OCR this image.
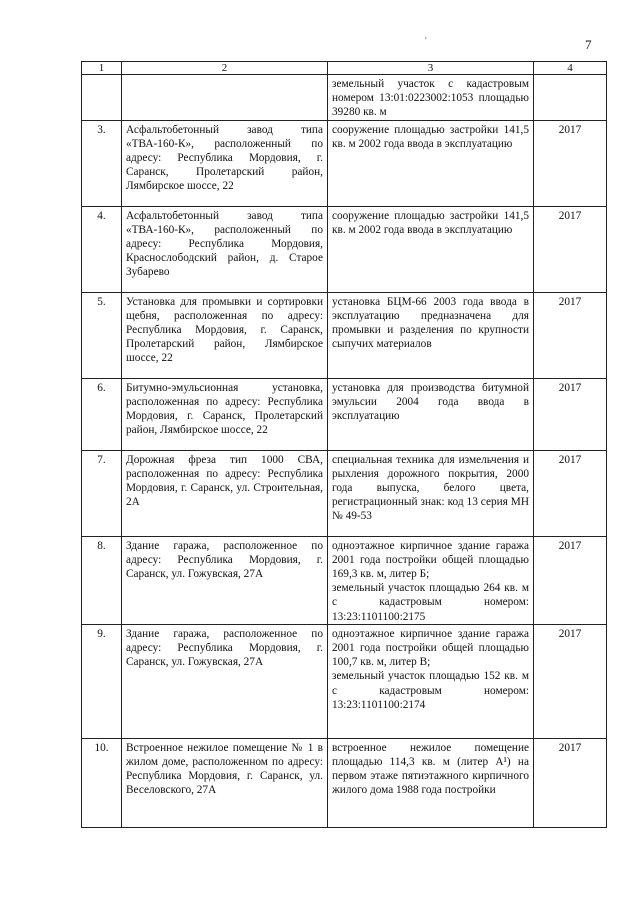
7
'
1	2	3	4

		земельный участок с кадастровым номером 13:01:0223002:1053 площадью 39280 кв. м	

3.	Асфальтобетонный завод типа «ТВА-160-К», расположенный по адресу: Республика Мордовия, г. Саранск, Пролетарский район, Лямбирское шоссе, 22	сооружение площадью застройки 141,5 кв. м 2002 года ввода в эксплуатацию	2017
4.	Асфальтобетонный завод типа «ТВА-160-К», расположенный по адресу: Республика Мордовия, Краснослободский район, д. Старое Зубарево	сооружение площадью застройки 141,5 кв. м 2002 года ввода в эксплуатацию	2017
5.	Установка для промывки и сортировки щебня, расположенная по адресу: Республика Мордовия, г. Саранск, Пролетарский район, Лямбирское шоссе, 22	установка БЦМ-66 2003 года ввода в эксплуатацию предназначена для промывки и разделения по крупности сыпучих материалов	2017
6.	Битумно-эмульсионная установка, расположенная по адресу: Республика Мордовия, г. Саранск, Пролетарский район, Лямбирское шоссе, 22	установка для производства битумной эмульсии 2004 года ввода в эксплуатацию	2017
7.	Дорожная фреза тип 1000 СВА, расположенная по адресу: Республика Мордовия, г. Саранск, ул. Строительная, 2А	специальная техника для измельчения и рыхления дорожного покрытия, 2000 года выпуска, белого цвета, регистрационный знак: код 13 серия МН № 49-53	2017
8.	Здание гаража, расположенное по адресу: Республика Мордовия, г. Саранск, ул. Гожувская, 27А	одноэтажное кирпичное здание гаража 2001 года постройки общей площадью 169,3 кв. м, литер Б;
земельный участок площадью 264 кв. м с кадастровым номером: 13:23:1101100:2175	2017
9.	Здание гаража, расположенное по адресу: Республика Мордовия, г. Саранск, ул. Гожувская, 27А	одноэтажное кирпичное здание гаража 2001 года постройки общей площадью 100,7 кв. м, литер В;
земельный участок площадью 152 кв. м с кадастровым номером: 13:23:1101100:2174	2017
10.	Встроенное нежилое помещение № 1 в жилом доме, расположенном по адресу: Республика Мордовия, г. Саранск, ул. Веселовского, 27А	встроенное нежилое помещение площадью 114,3 кв. м (литер А¹) на первом этаже пятиэтажного кирпичного жилого дома 1988 года постройки	2017
